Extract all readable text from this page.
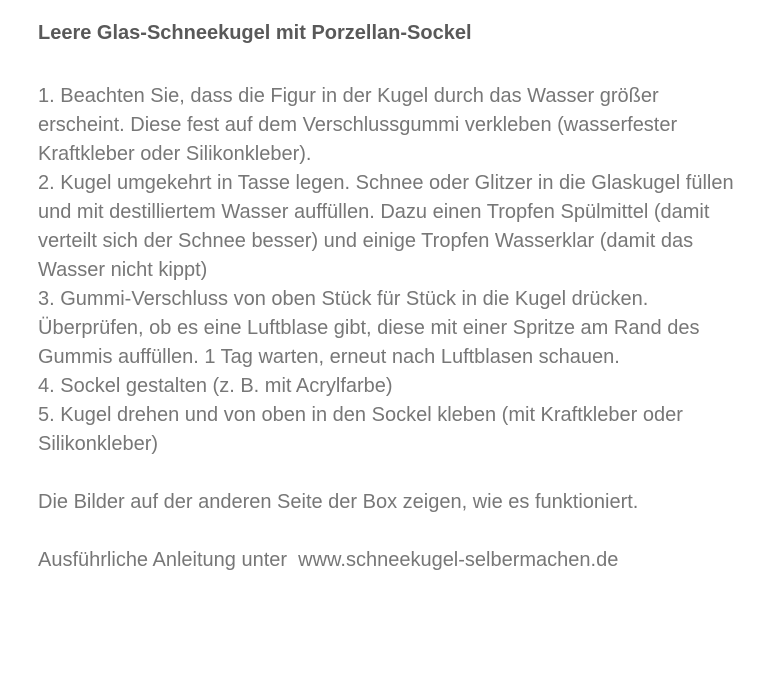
Leere Glas-Schneekugel mit Porzellan-Sockel

1. Beachten Sie, dass die Figur in der Kugel durch das Wasser größer erscheint. Diese fest auf dem Verschlussgummi verkleben (wasserfester Kraftkleber oder Silikonkleber).

2. Kugel umgekehrt in Tasse legen. Schnee oder Glitzer in die Glaskugel füllen und mit destilliertem Wasser auffüllen. Dazu einen Tropfen Spülmittel (damit verteilt sich der Schnee besser) und einige Tropfen Wasserklar (damit das Wasser nicht kippt)

3. Gummi-Verschluss von oben Stück für Stück in die Kugel drücken. Überprüfen, ob es eine Luftblase gibt, diese mit einer Spritze am Rand des Gummis auffüllen. 1 Tag warten, erneut nach Luftblasen schauen.

4. Sockel gestalten (z. B. mit Acrylfarbe)

5. Kugel drehen und von oben in den Sockel kleben (mit Kraftkleber oder Silikonkleber)

Die Bilder auf der anderen Seite der Box zeigen, wie es funktioniert.

Ausführliche Anleitung unter  www.schneekugel-selbermachen.de
